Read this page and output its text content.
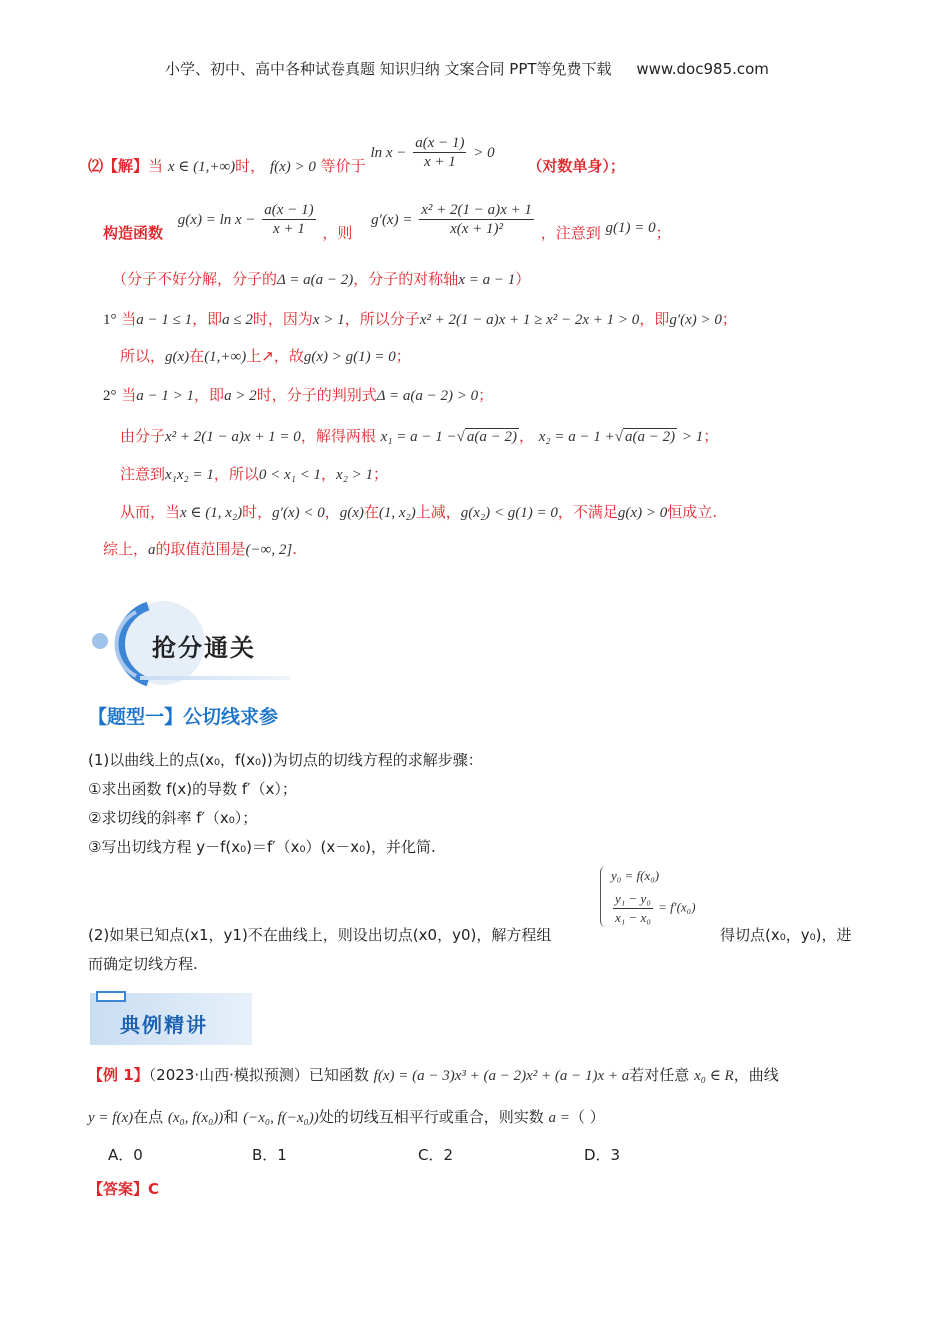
小学、初中、高中各种试卷真题 知识归纳 文案合同 PPT等免费下载 www.doc985.com
⑵【解】当 x ∈ (1,+∞)时， f(x) > 0 等价于 $\ln x - \frac{a(x - 1)}{x + 1} > 0$ （对数单身）；
构造函数 $g(x) = \ln x - \frac{a(x - 1)}{x + 1}$ ，则 $g'(x) = \frac{\text{x² + 2(1 − a)x + 1}}{\text{x(x + 1)²}}$ ，注意到 g(1) = 0；
（分子不好分解，分子的Δ = a(a − 2)，分子的对称轴x = a − 1）
1° 当a − 1 ≤ 1，即a ≤ 2时，因为x > 1，所以分子x² + 2(1 − a)x + 1 ≥ x² − 2x + 1 > 0，即g′(x) > 0；
所以，g(x)在(1,+∞)上↗，故g(x) > g(1) = 0；
2° 当a − 1 > 1，即a > 2时，分子的判别式Δ = a(a − 2) > 0；
由分子x² + 2(1 − a)x + 1 = 0，解得两根 x₁ = a − 1 −√ a(a − 2) ， x₂ = a − 1 +√ a(a − 2) > 1；
注意到x₁x₂ = 1，所以0 < x₁ < 1，x₂ > 1；
从而，当x ∈ (1, x₂)时，g′(x) < 0，g(x)在(1, x₂)上减，g(x₂) < g(1) = 0，不满足g(x) > 0恒成立.
综上，a的取值范围是(−∞, 2].
抢分通关
【题型一】公切线求参
(1)以曲线上的点(x₀，f(x₀))为切点的切线方程的求解步骤：
①求出函数 f(x)的导数 f′（x）；
②求切线的斜率 f′（x₀）；
③写出切线方程 y－f(x₀)＝f′（x₀）(x－x₀)，并化简.
y₀ = f(x₀)
$\frac{\text{y₁ − y₀}}{\text{x₁ − x₀}} = f'(x_0)$
(2)如果已知点(x1，y1)不在曲线上，则设出切点(x0，y0)，解方程组	得切点(x₀，y₀)，进
而确定切线方程.
典例精讲
【例 1】（2023·山西·模拟预测）已知函数 f(x) = (a − 3)x³ + (a − 2)x² + (a − 1)x + a若对任意 x₀ ∈ R，曲线
y = f(x)在点 (x₀, f(x₀))和 (−x₀, f(−x₀))处的切线互相平行或重合，则实数 a =（ ）
A．0	B．1	C．2	D．3
【答案】C
